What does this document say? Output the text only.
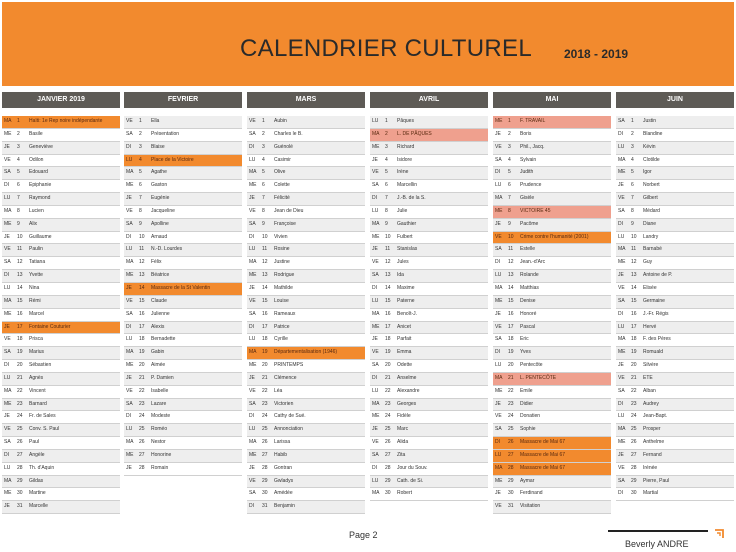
CALENDRIER CULTUREL	2018 - 2019
JANVIER 2019
MA	1	Haïti: 1e Rep noire indépendante
ME	2	Basile
JE	3	Geneviève
VE	4	Odilon
SA	5	Edouard
DI	6	Epiphanie
LU	7	Raymond
MA	8	Lucien
ME	9	Alix
JE	10	Guillaume
VE	11	Paulin
SA	12	Tatiana
DI	13	Yvette
LU	14	Nina
MA	15	Rémi
ME	16	Marcel
JE	17	Fontaine Couturier
VE	18	Prisca
SA	19	Marius
DI	20	Sébastien
LU	21	Agnès
MA	22	Vincent
ME	23	Barnard
JE	24	Fr. de Sales
VE	25	Conv. S. Paul
SA	26	Paul
DI	27	Angèle
LU	28	Th. d'Aquin
MA	29	Gildas
ME	30	Martine
JE	31	Marcelle
FEVRIER
VE	1	Ella
SA	2	Présentation
DI	3	Blaise
LU	4	Place de la Victoire
MA	5	Agathe
ME	6	Gaston
JE	7	Eugénie
VE	8	Jacqueline
SA	9	Apolline
DI	10	Arnaud
LU	11	N.-D. Lourdes
MA	12	Félix
ME	13	Béatrice
JE	14	Massacre de la St Valentin
VE	15	Claude
SA	16	Julienne
DI	17	Alexis
LU	18	Bernadette
MA	19	Gabin
ME	20	Aimée
JE	21	P. Damien
VE	22	Isabelle
SA	23	Lazare
DI	24	Modeste
LU	25	Roméo
MA	26	Nestor
ME	27	Honorine
JE	28	Romain
MARS
VE	1	Aubin
SA	2	Charles le B.
DI	3	Guénolé
LU	4	Casimir
MA	5	Olive
ME	6	Colette
JE	7	Félicité
VE	8	Jean de Dieu
SA	9	Françoise
DI	10	Vivien
LU	11	Rosine
MA	12	Justine
ME	13	Rodrigue
JE	14	Mathilde
VE	15	Louise
SA	16	Rameaux
DI	17	Patrice
LU	18	Cyrille
MA	19	Départementalisation (1946)
ME	20	PRINTEMPS
JE	21	Clémence
VE	22	Léa
SA	23	Victorien
DI	24	Cathy de Sué.
LU	25	Annonciation
MA	26	Larissa
ME	27	Habib
JE	28	Gontran
VE	29	Gwladys
SA	30	Amédée
DI	31	Benjamin
AVRIL
LU	1	Pâques
MA	2	L. DE PÂQUES
ME	3	Richard
JE	4	Isidore
VE	5	Irène
SA	6	Marcellin
DI	7	J.-B. de la S.
LU	8	Julie
MA	9	Gauthier
ME	10	Fulbert
JE	11	Stanislas
VE	12	Jules
SA	13	Ida
DI	14	Maxime
LU	15	Paterne
MA	16	Benoît-J.
ME	17	Anicet
JE	18	Parfait
VE	19	Emma
SA	20	Odette
DI	21	Anselme
LU	22	Alexandre
MA	23	Georges
ME	24	Fidèle
JE	25	Marc
VE	26	Alida
SA	27	Zita
DI	28	Jour du Souv.
LU	29	Cath. de Si.
MA	30	Robert
MAI
ME	1	F. TRAVAIL
JE	2	Boris
VE	3	Phil., Jacq.
SA	4	Sylvain
DI	5	Judith
LU	6	Prudence
MA	7	Gisèle
ME	8	VICTOIRE 45
JE	9	Pacôme
VE	10	Crime contre l'humanité (2001)
SA	11	Estelle
DI	12	Jean.-d'Arc
LU	13	Rolande
MA	14	Matthias
ME	15	Denise
JE	16	Honoré
VE	17	Pascal
SA	18	Eric
DI	19	Yves
LU	20	Pentecôte
MA	21	L. PENTECÔTE
ME	22	Emile
JE	23	Didier
VE	24	Donatien
SA	25	Sophie
DI	26	Massacre de Mai 67
LU	27	Massacre de Mai 67
MA	28	Massacre de Mai 67
ME	29	Aymar
JE	30	Ferdinand
VE	31	Visitation
JUIN
SA	1	Justin
DI	2	Blandine
LU	3	Kévin
MA	4	Clotilde
ME	5	Igor
JE	6	Norbert
VE	7	Gilbert
SA	8	Médard
DI	9	Diane
LU	10	Landry
MA	11	Barnabé
ME	12	Guy
JE	13	Antoine de P.
VE	14	Elisée
SA	15	Germaine
DI	16	J.-Fr. Régis
LU	17	Hervé
MA	18	F. des Pères
ME	19	Romuald
JE	20	Silvère
VE	21	ETE
SA	22	Alban
DI	23	Audrey
LU	24	Jean-Bapt.
MA	25	Prosper
ME	26	Anthelme
JE	27	Fernand
VE	28	Irénée
SA	29	Pierre, Paul
DI	30	Martial
Page 2
Beverly ANDRE
